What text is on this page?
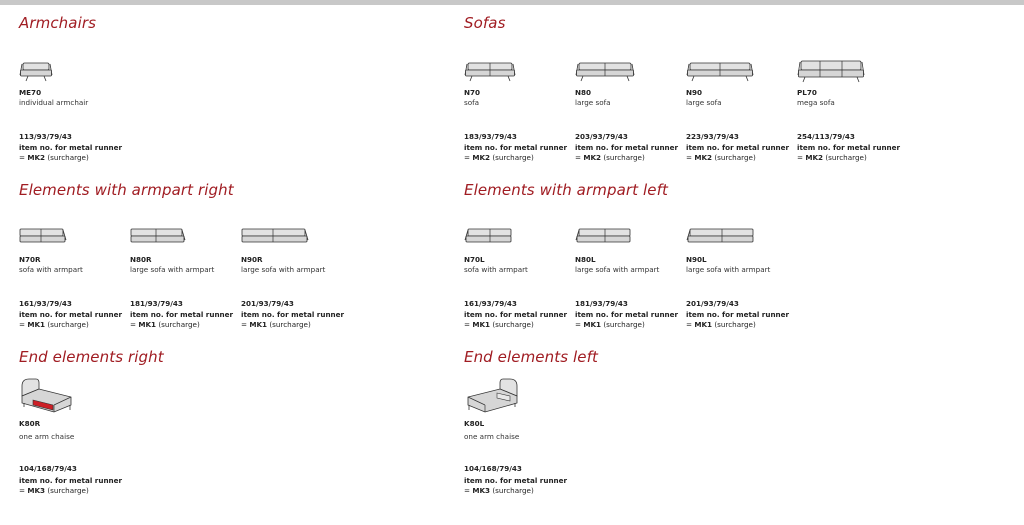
Armchairs
ME70
individual armchair
113/93/79/43
item no. for metal runner
= MK2 (surcharge)
Sofas
N70
sofa
183/93/79/43
item no. for metal runner
= MK2 (surcharge)
N80
large sofa
203/93/79/43
item no. for metal runner
= MK2 (surcharge)
N90
large sofa
223/93/79/43
item no. for metal runner
= MK2 (surcharge)
PL70
mega sofa
254/113/79/43
item no. for metal runner
= MK2 (surcharge)
Elements with armpart right
N70R
sofa with armpart
161/93/79/43
item no. for metal runner
= MK1 (surcharge)
N80R
large sofa with armpart
181/93/79/43
item no. for metal runner
= MK1 (surcharge)
N90R
large sofa with armpart
201/93/79/43
item no. for metal runner
= MK1 (surcharge)
Elements with armpart left
N70L
sofa with armpart
161/93/79/43
item no. for metal runner
= MK1 (surcharge)
N80L
large sofa with armpart
181/93/79/43
item no. for metal runner
= MK1 (surcharge)
N90L
large sofa with armpart
201/93/79/43
item no. for metal runner
= MK1 (surcharge)
End elements right
K80R
one arm chaise
104/168/79/43
item no. for metal runner
= MK3 (surcharge)
End elements left
K80L
one arm chaise
104/168/79/43
item no. for metal runner
= MK3 (surcharge)
